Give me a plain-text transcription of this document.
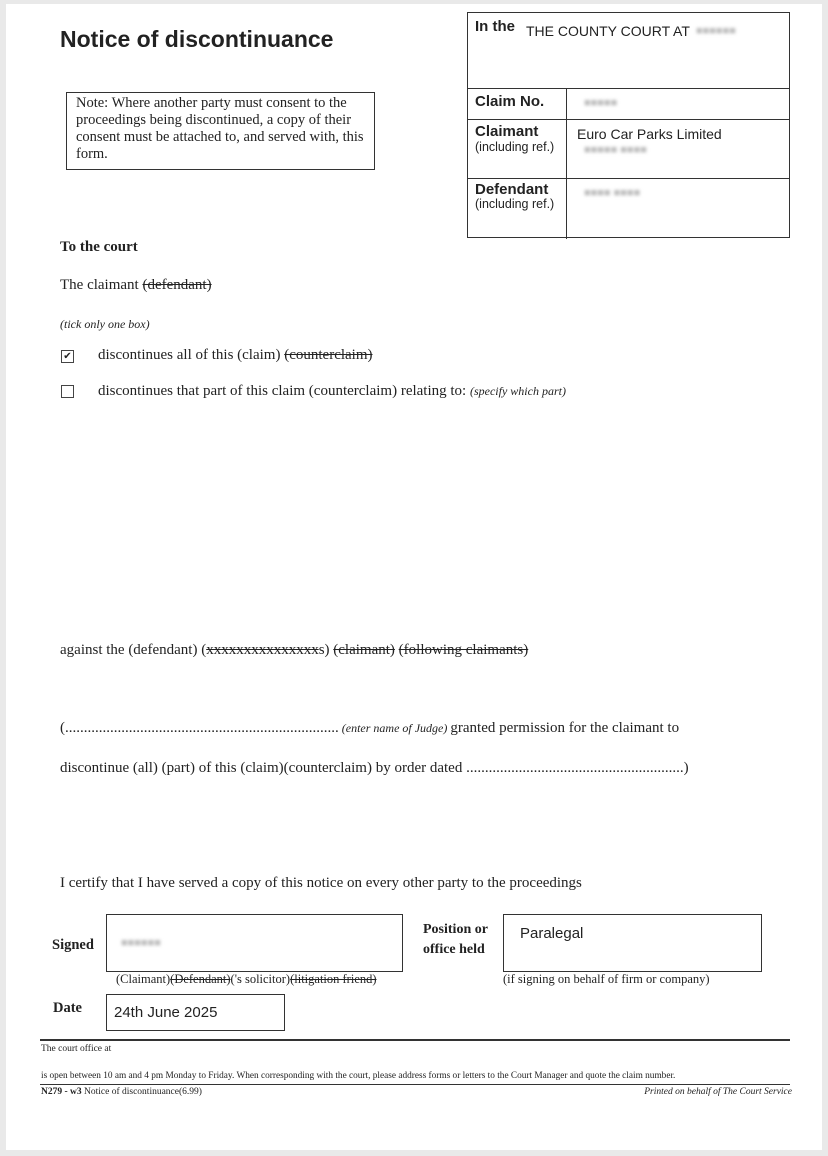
Notice of discontinuance
Note: Where another party must consent to the proceedings being discontinued, a copy of their consent must be attached to, and served with, this form.
In the THE COUNTY COURT AT ■■■■■■
Claim No.	■■■■■
Claimant
(including ref.)
Euro Car Parks Limited
■■■■■ ■■■■
Defendant
(including ref.)
■■■■ ■■■■
To the court
The claimant (defendant)
(tick only one box)
✔ discontinues all of this (claim) (counterclaim)
discontinues that part of this claim (counterclaim) relating to: (specify which part)
against the (defendant) (xxxxxxxxxxxxxxxs) (claimant) (following claimants)
(......................................................................... (enter name of Judge) granted permission for the claimant to
discontinue (all) (part) of this (claim)(counterclaim) by order dated ..........................................................)
I certify that I have served a copy of this notice on every other party to the proceedings
Signed ■■■■■■
(Claimant)(Defendant)('s solicitor)(litigation friend)
Position or
office held
Paralegal
(if signing on behalf of firm or company)
Date 24th June 2025
The court office at
is open between 10 am and 4 pm Monday to Friday. When corresponding with the court, please address forms or letters to the Court Manager and quote the claim number.
N279 - w3 Notice of discontinuance(6.99)	Printed on behalf of The Court Service
